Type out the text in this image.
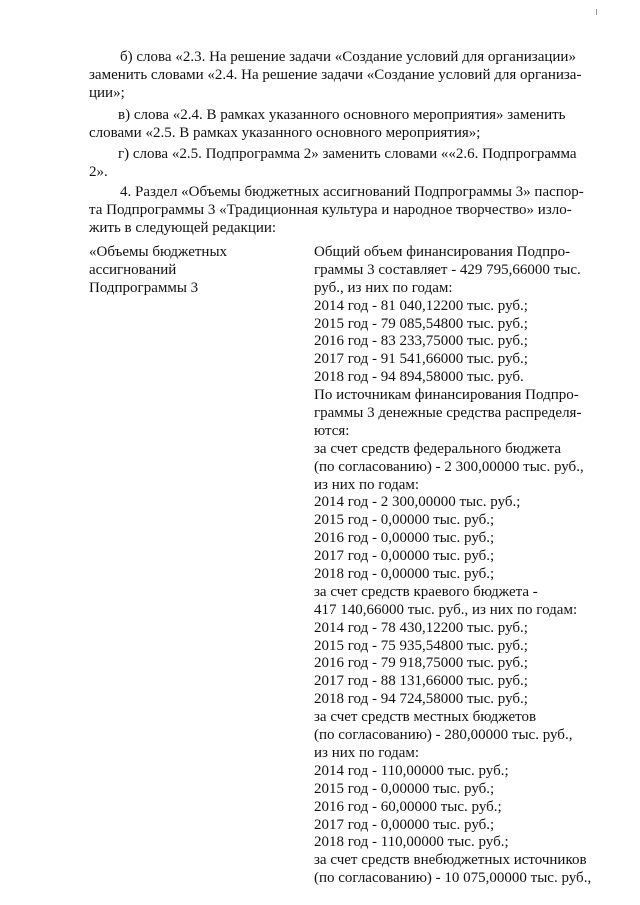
б) слова «2.3. На решение задачи «Создание условий для организации»
заменить словами «2.4. На решение задачи «Создание условий для организа-
ции»;
в) слова «2.4. В рамках указанного основного мероприятия» заменить
словами «2.5. В рамках указанного основного мероприятия»;
г) слова «2.5. Подпрограмма 2» заменить словами ««2.6. Подпрограмма
2».
4. Раздел «Объемы бюджетных ассигнований Подпрограммы 3» паспор-
та Подпрограммы 3 «Традиционная культура и народное творчество» изло-
жить в следующей редакции:
«Объемы бюджетных
ассигнований
Подпрограммы 3
Общий объем финансирования Подпро-
граммы 3 составляет - 429 795,66000 тыс.
руб., из них по годам:
2014 год - 81 040,12200 тыс. руб.;
2015 год - 79 085,54800 тыс. руб.;
2016 год - 83 233,75000 тыс. руб.;
2017 год - 91 541,66000 тыс. руб.;
2018 год - 94 894,58000 тыс. руб.
По источникам финансирования Подпро-
граммы 3 денежные средства распределя-
ются:
за счет средств федерального бюджета
(по согласованию) - 2 300,00000 тыс. руб.,
из них по годам:
2014 год - 2 300,00000 тыс. руб.;
2015 год - 0,00000 тыс. руб.;
2016 год - 0,00000 тыс. руб.;
2017 год - 0,00000 тыс. руб.;
2018 год - 0,00000 тыс. руб.;
за счет средств краевого бюджета -
417 140,66000 тыс. руб., из них по годам:
2014 год - 78 430,12200 тыс. руб.;
2015 год - 75 935,54800 тыс. руб.;
2016 год - 79 918,75000 тыс. руб.;
2017 год - 88 131,66000 тыс. руб.;
2018 год - 94 724,58000 тыс. руб.;
за счет средств местных бюджетов
(по согласованию) - 280,00000 тыс. руб.,
из них по годам:
2014 год - 110,00000 тыс. руб.;
2015 год - 0,00000 тыс. руб.;
2016 год - 60,00000 тыс. руб.;
2017 год - 0,00000 тыс. руб.;
2018 год - 110,00000 тыс. руб.;
за счет средств внебюджетных источников
(по согласованию) - 10 075,00000 тыс. руб.,
